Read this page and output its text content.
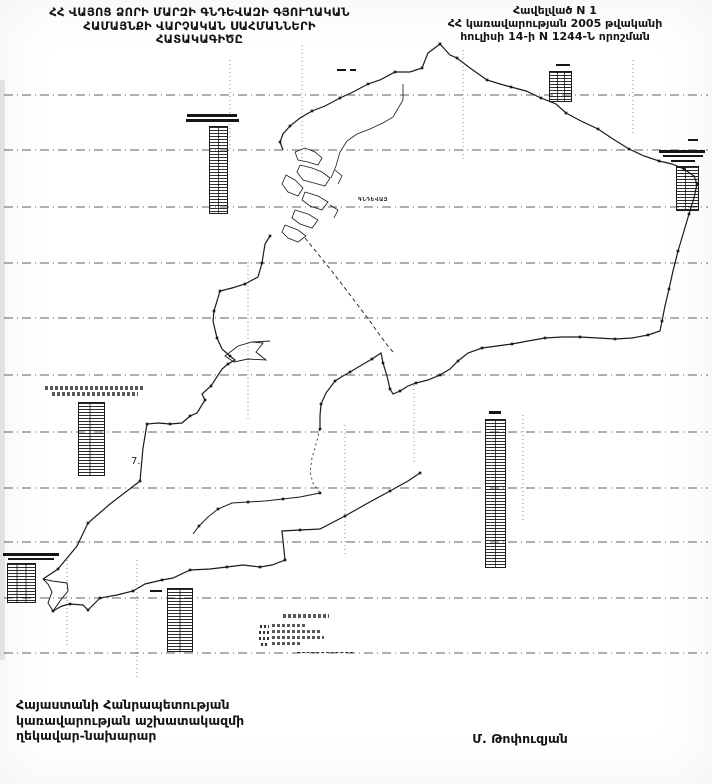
ՀՀ ՎԱՅՈՑ ՁՈՐԻ ՄԱՐԶԻ ԳՆԴԵՎԱԶԻ ԳՅՈՒՂԱԿԱՆ
ՀԱՄԱՅՆՔԻ ՎԱՐՉԱԿԱՆ ՍԱՀՄԱՆՆԵՐԻ
ՀԱՏԱԿԱԳԻԾԸ
Հավելված N 1
ՀՀ կառավարության 2005 թվականի
հուլիսի 14-ի N 1244-Ն որոշման
ԳՆԴԵՎԱԶ
7.
Հայաստանի Հանրապետության
կառավարության աշխատակազմի
ղեկավար-նախարար	Մ. Թոփուզյան
